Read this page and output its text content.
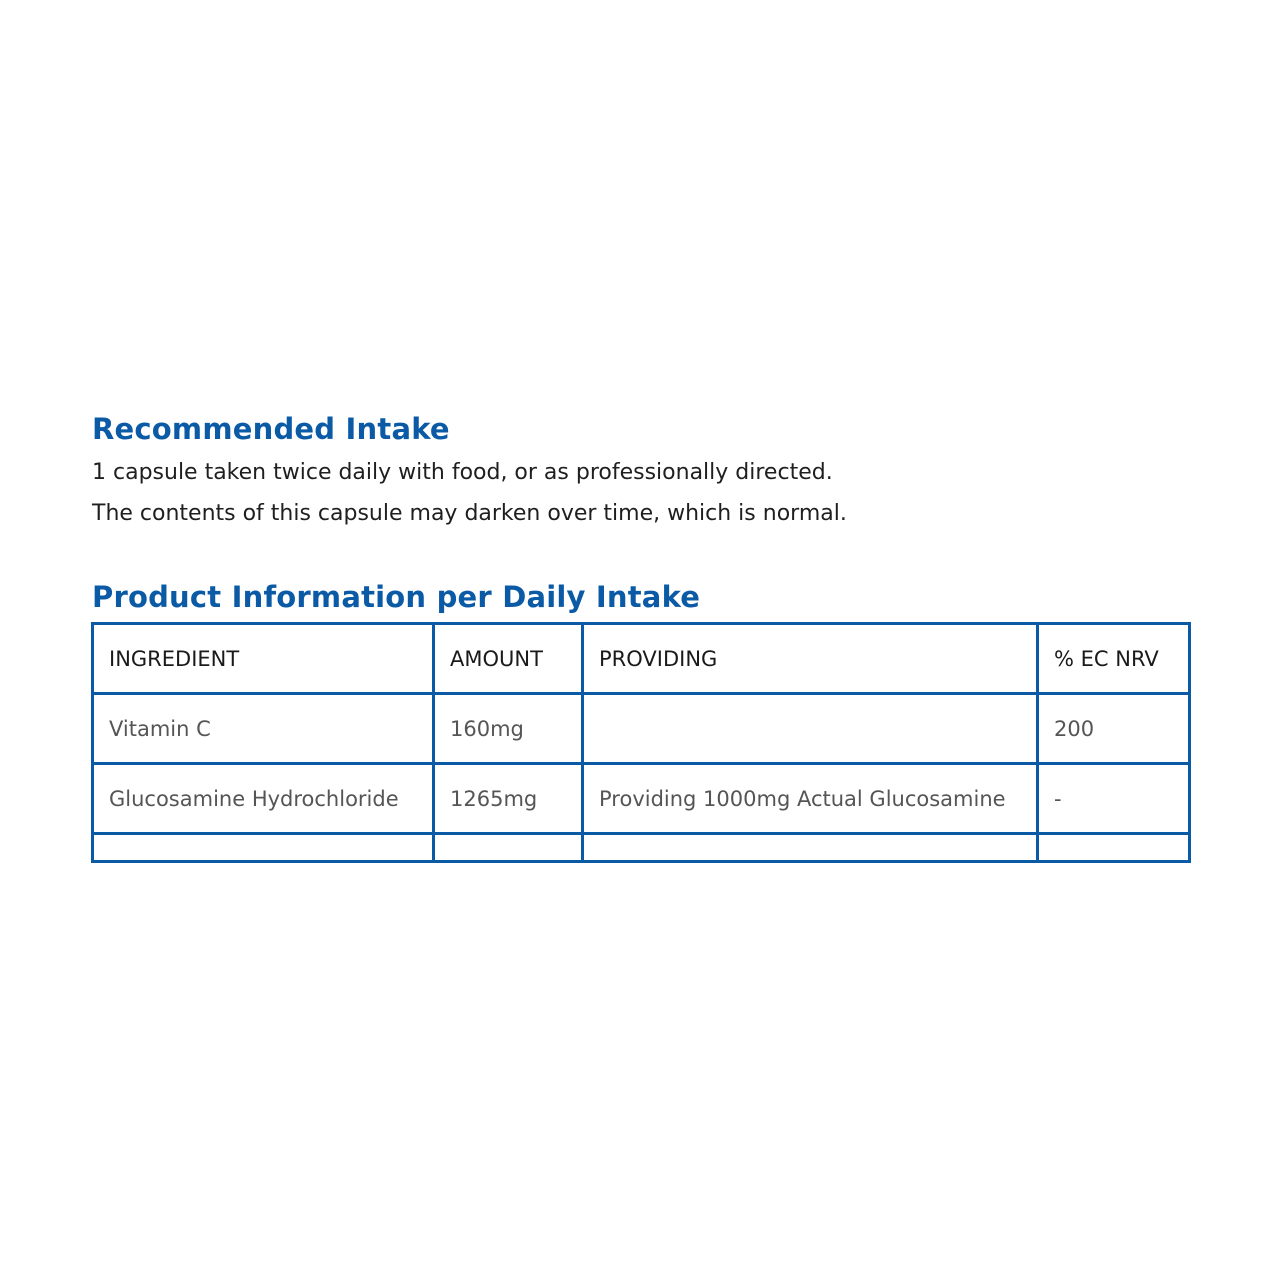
Recommended Intake

1 capsule taken twice daily with food, or as professionally directed.

The contents of this capsule may darken over time, which is normal.

Product Information per Daily Intake
INGREDIENT	AMOUNT	PROVIDING	% EC NRV
Vitamin C	160mg		200
Glucosamine Hydrochloride	1265mg	Providing 1000mg Actual Glucosamine	-
